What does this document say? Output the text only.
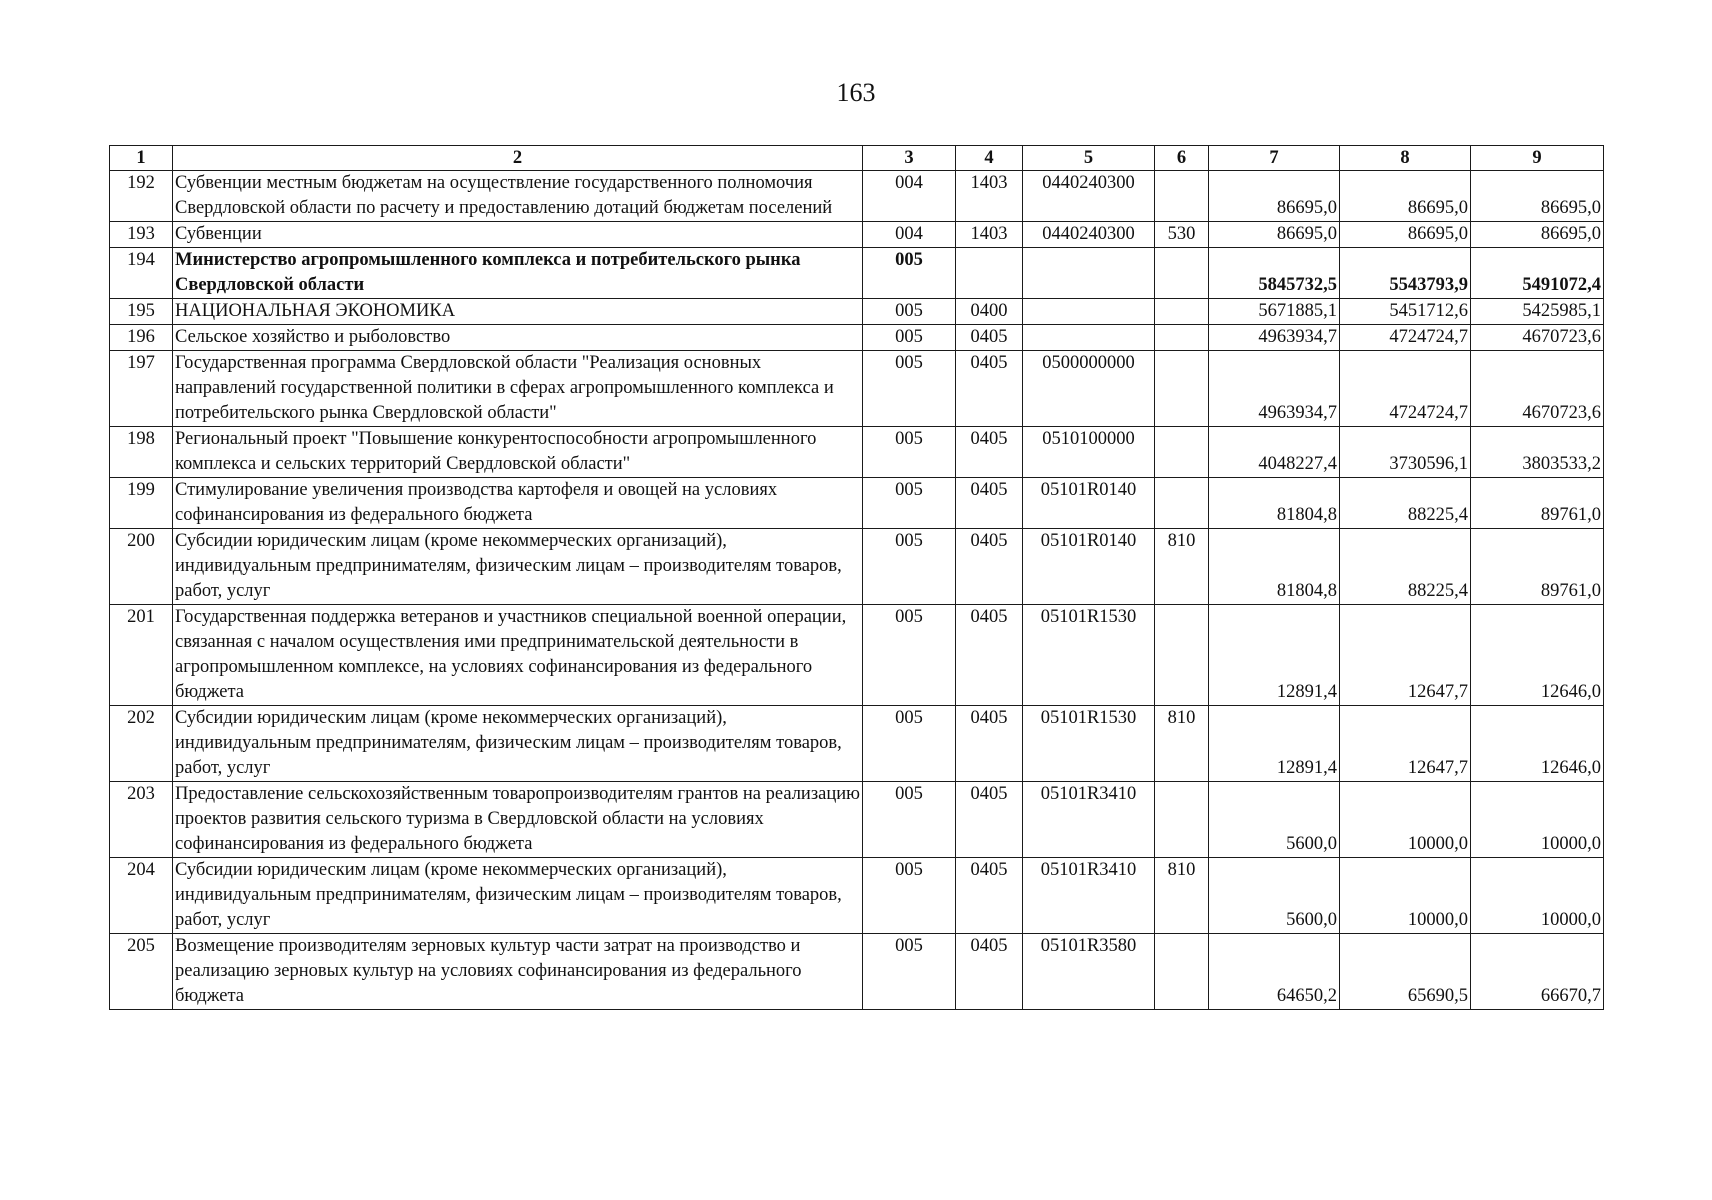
163
1	2	3	4	5	6	7	8	9
192	Субвенции местным бюджетам на осуществление государственного полномочия Свердловской области по расчету и предоставлению дотаций бюджетам поселений	004	1403	0440240300		86695,0	86695,0	86695,0
193	Субвенции	004	1403	0440240300	530	86695,0	86695,0	86695,0
194	Министерство агропромышленного комплекса и потребительского рынка Свердловской области	005				5845732,5	5543793,9	5491072,4
195	НАЦИОНАЛЬНАЯ ЭКОНОМИКА	005	0400			5671885,1	5451712,6	5425985,1
196	Сельское хозяйство и рыболовство	005	0405			4963934,7	4724724,7	4670723,6
197	Государственная программа Свердловской области "Реализация основных направлений государственной политики в сферах агропромышленного комплекса и потребительского рынка Свердловской области"	005	0405	0500000000		4963934,7	4724724,7	4670723,6
198	Региональный проект "Повышение конкурентоспособности агропромышленного комплекса и сельских территорий Свердловской области"	005	0405	0510100000		4048227,4	3730596,1	3803533,2
199	Стимулирование увеличения производства картофеля и овощей на условиях софинансирования из федерального бюджета	005	0405	05101R0140		81804,8	88225,4	89761,0
200	Субсидии юридическим лицам (кроме некоммерческих организаций), индивидуальным предпринимателям, физическим лицам – производителям товаров, работ, услуг	005	0405	05101R0140	810	81804,8	88225,4	89761,0
201	Государственная поддержка ветеранов и участников специальной военной операции, связанная с началом осуществления ими предпринимательской деятельности в агропромышленном комплексе, на условиях софинансирования из федерального бюджета	005	0405	05101R1530		12891,4	12647,7	12646,0
202	Субсидии юридическим лицам (кроме некоммерческих организаций), индивидуальным предпринимателям, физическим лицам – производителям товаров, работ, услуг	005	0405	05101R1530	810	12891,4	12647,7	12646,0
203	Предоставление сельскохозяйственным товаропроизводителям грантов на реализацию проектов развития сельского туризма в Свердловской области на условиях софинансирования из федерального бюджета	005	0405	05101R3410		5600,0	10000,0	10000,0
204	Субсидии юридическим лицам (кроме некоммерческих организаций), индивидуальным предпринимателям, физическим лицам – производителям товаров, работ, услуг	005	0405	05101R3410	810	5600,0	10000,0	10000,0
205	Возмещение производителям зерновых культур части затрат на производство и реализацию зерновых культур на условиях софинансирования из федерального бюджета	005	0405	05101R3580		64650,2	65690,5	66670,7
